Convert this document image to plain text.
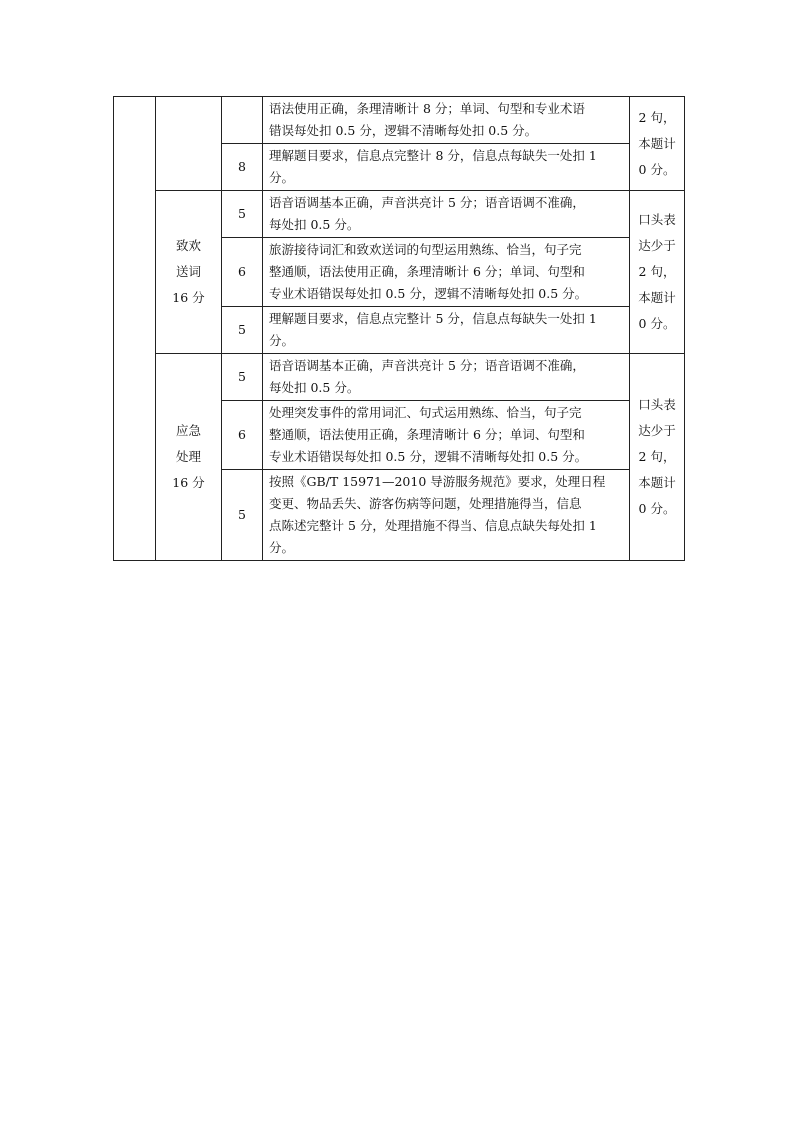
			语法使用正确，条理清晰计 8 分；单词、句型和专业术语
错误每处扣 0.5 分，逻辑不清晰每处扣 0.5 分。	2 句，
本题计
0 分。

		8	理解题目要求，信息点完整计 8 分，信息点每缺失一处扣 1
分。	

	致欢
送词
16 分	5	语音语调基本正确，声音洪亮计 5 分；语音语调不准确，
每处扣 0.5 分。	口头表
达少于
2 句，
本题计
0 分。

		6	旅游接待词汇和致欢送词的句型运用熟练、恰当，句子完
整通顺，语法使用正确，条理清晰计 6 分；单词、句型和
专业术语错误每处扣 0.5 分，逻辑不清晰每处扣 0.5 分。	

		5	理解题目要求，信息点完整计 5 分，信息点每缺失一处扣 1
分。	

	应急
处理
16 分	5	语音语调基本正确，声音洪亮计 5 分；语音语调不准确，
每处扣 0.5 分。	口头表
达少于
2 句，
本题计
0 分。

		6	处理突发事件的常用词汇、句式运用熟练、恰当，句子完
整通顺，语法使用正确，条理清晰计 6 分；单词、句型和
专业术语错误每处扣 0.5 分，逻辑不清晰每处扣 0.5 分。	

		5	按照《GB/T 15971—2010 导游服务规范》要求，处理日程
变更、物品丢失、游客伤病等问题，处理措施得当，信息
点陈述完整计 5 分，处理措施不得当、信息点缺失每处扣 1
分。	
